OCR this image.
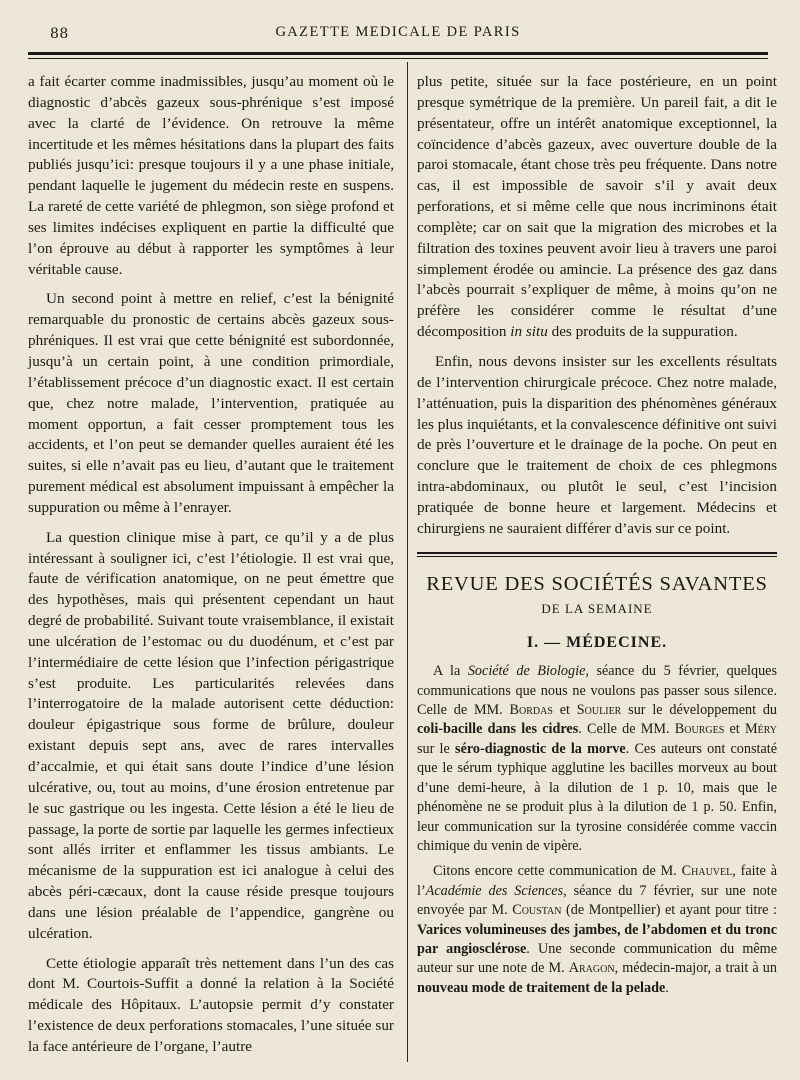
88	GAZETTE MEDICALE DE PARIS

a fait écarter comme inadmissibles, jusqu’au moment où le diagnostic d’abcès gazeux sous-phrénique s’est imposé avec la clarté de l’évidence. On retrouve la même incertitude et les mêmes hésitations dans la plupart des faits publiés jusqu’ici: presque toujours il y a une phase initiale, pendant laquelle le jugement du médecin reste en suspens. La rareté de cette variété de phlegmon, son siège profond et ses limites indécises expliquent en partie la difficulté que l’on éprouve au début à rapporter les symptômes à leur véritable cause.

Un second point à mettre en relief, c’est la bénignité remarquable du pronostic de certains abcès gazeux sous-phréniques. Il est vrai que cette bénignité est subordonnée, jusqu’à un certain point, à une condition primordiale, l’établissement précoce d’un diagnostic exact. Il est certain que, chez notre malade, l’intervention, pratiquée au moment opportun, a fait cesser promptement tous les accidents, et l’on peut se demander quelles auraient été les suites, si elle n’avait pas eu lieu, d’autant que le traitement purement médical est absolument impuissant à empêcher la suppuration ou même à l’enrayer.

La question clinique mise à part, ce qu’il y a de plus intéressant à souligner ici, c’est l’étiologie. Il est vrai que, faute de vérification anatomique, on ne peut émettre que des hypothèses, mais qui présentent cependant un haut degré de probabilité. Suivant toute vraisemblance, il existait une ulcération de l’estomac ou du duodénum, et c’est par l’intermédiaire de cette lésion que l’infection périgastrique s’est produite. Les particularités relevées dans l’interrogatoire de la malade autorisent cette déduction: douleur épigastrique sous forme de brûlure, douleur existant depuis sept ans, avec de rares intervalles d’accalmie, et qui était sans doute l’indice d’une lésion ulcérative, ou, tout au moins, d’une érosion entretenue par le suc gastrique ou les ingesta. Cette lésion a été le lieu de passage, la porte de sortie par laquelle les germes infectieux sont allés irriter et enflammer les tissus ambiants. Le mécanisme de la suppuration est ici analogue à celui des abcès péri-cæcaux, dont la cause réside presque toujours dans une lésion préalable de l’appendice, gangrène ou ulcération.

Cette étiologie apparaît très nettement dans l’un des cas dont M. Courtois-Suffit a donné la relation à la Société médicale des Hôpitaux. L’autopsie permit d’y constater l’existence de deux perforations stomacales, l’une située sur la face antérieure de l’organe, l’autre

plus petite, située sur la face postérieure, en un point presque symétrique de la première. Un pareil fait, a dit le présentateur, offre un intérêt anatomique exceptionnel, la coïncidence d’abcès gazeux, avec ouverture double de la paroi stomacale, étant chose très peu fréquente. Dans notre cas, il est impossible de savoir s’il y avait deux perforations, et si même celle que nous incriminons était complète; car on sait que la migration des microbes et la filtration des toxines peuvent avoir lieu à travers une paroi simplement érodée ou amincie. La présence des gaz dans l’abcès pourrait s’expliquer de même, à moins qu’on ne préfère les considérer comme le résultat d’une décomposition in situ des produits de la suppuration.

Enfin, nous devons insister sur les excellents résultats de l’intervention chirurgicale précoce. Chez notre malade, l’atténuation, puis la disparition des phénomènes généraux les plus inquiétants, et la convalescence définitive ont suivi de près l’ouverture et le drainage de la poche. On peut en conclure que le traitement de choix de ces phlegmons intra-abdominaux, ou plutôt le seul, c’est l’incision pratiquée de bonne heure et largement. Médecins et chirurgiens ne sauraient différer d’avis sur ce point.

REVUE DES SOCIÉTÉS SAVANTES
DE LA SEMAINE
I. — MÉDECINE.

A la Société de Biologie, séance du 5 février, quelques communications que nous ne voulons pas passer sous silence. Celle de MM. Bordas et Soulier sur le développement du coli-bacille dans les cidres. Celle de MM. Bourges et Méry sur le séro-diagnostic de la morve. Ces auteurs ont constaté que le sérum typhique agglutine les bacilles morveux au bout d’une demi-heure, à la dilution de 1 p. 10, mais que le phénomène ne se produit plus à la dilution de 1 p. 50. Enfin, leur communication sur la tyrosine considérée comme vaccin chimique du venin de vipère.

Citons encore cette communication de M. Chauvel, faite à l’Académie des Sciences, séance du 7 février, sur une note envoyée par M. Coustan (de Montpellier) et ayant pour titre : Varices volumineuses des jambes, de l’abdomen et du tronc par angiosclérose. Une seconde communication du même auteur sur une note de M. Aragon, médecin-major, a trait à un nouveau mode de traitement de la pelade.
